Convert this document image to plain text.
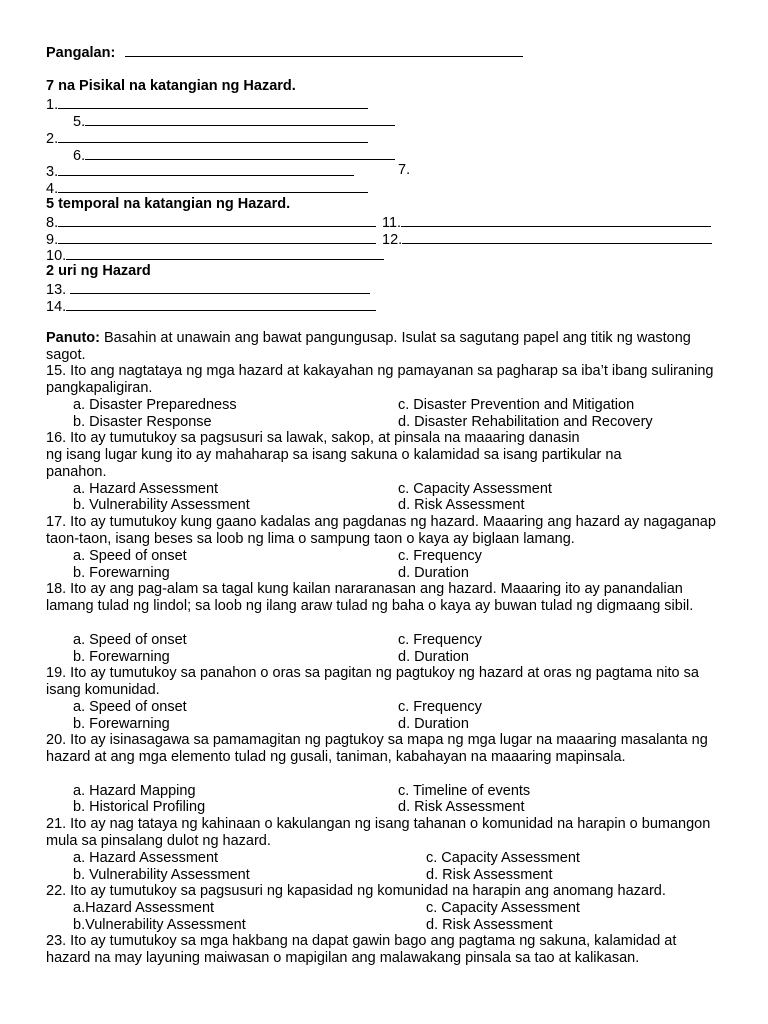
Pangalan:
7 na Pisikal na katangian ng Hazard.
1.
5.
2.
6.
3.	7.
4.
5 temporal na katangian ng Hazard.
8.	11.
9.	12.
10.
2 uri ng Hazard
13.
14.
Panuto: Basahin at unawain ang bawat pangungusap. Isulat sa sagutang papel ang titik ng wastong sagot.
15. Ito ang nagtataya ng mga hazard at kakayahan ng pamayanan sa pagharap sa iba’t ibang suliraning pangkapaligiran.
a. Disaster Preparedness	c. Disaster Prevention and Mitigation
b. Disaster Response	d. Disaster Rehabilitation and Recovery
16. Ito ay tumutukoy sa pagsusuri sa lawak, sakop, at pinsala na maaaring danasin
ng isang lugar kung ito ay mahaharap sa isang sakuna o kalamidad sa isang partikular na
panahon.
a. Hazard Assessment	c. Capacity Assessment
b. Vulnerability Assessment	d. Risk Assessment
17. Ito ay tumutukoy kung gaano kadalas ang pagdanas ng hazard. Maaaring ang hazard ay nagaganap taon-taon, isang beses sa loob ng lima o sampung taon o kaya ay biglaan lamang.
a. Speed of onset	c. Frequency
b. Forewarning	d. Duration
18. Ito ay ang pag-alam sa tagal kung kailan nararanasan ang hazard. Maaaring ito ay panandalian lamang tulad ng lindol; sa loob ng ilang araw tulad ng baha o kaya ay buwan tulad ng digmaang sibil.
a. Speed of onset	c. Frequency
b. Forewarning	d. Duration
19. Ito ay tumutukoy sa panahon o oras sa pagitan ng pagtukoy ng hazard at oras ng pagtama nito sa isang komunidad.
a. Speed of onset	c. Frequency
b. Forewarning	d. Duration
20. Ito ay isinasagawa sa pamamagitan ng pagtukoy sa mapa ng mga lugar na maaaring masalanta ng hazard at ang mga elemento tulad ng gusali, taniman, kabahayan na maaaring mapinsala.
a. Hazard Mapping	c. Timeline of events
b. Historical Profiling	d. Risk Assessment
21. Ito ay nag tataya ng kahinaan o kakulangan ng isang tahanan o komunidad na harapin o bumangon mula sa pinsalang dulot ng hazard.
a. Hazard Assessment	c. Capacity Assessment
b. Vulnerability Assessment	d. Risk Assessment
22. Ito ay tumutukoy sa pagsusuri ng kapasidad ng komunidad na harapin ang anomang hazard.
a.Hazard Assessment	c. Capacity Assessment
b.Vulnerability Assessment	d. Risk Assessment
23. Ito ay tumutukoy sa mga hakbang na dapat gawin bago ang pagtama ng sakuna, kalamidad at hazard na may layuning maiwasan o mapigilan ang malawakang pinsala sa tao at kalikasan.
